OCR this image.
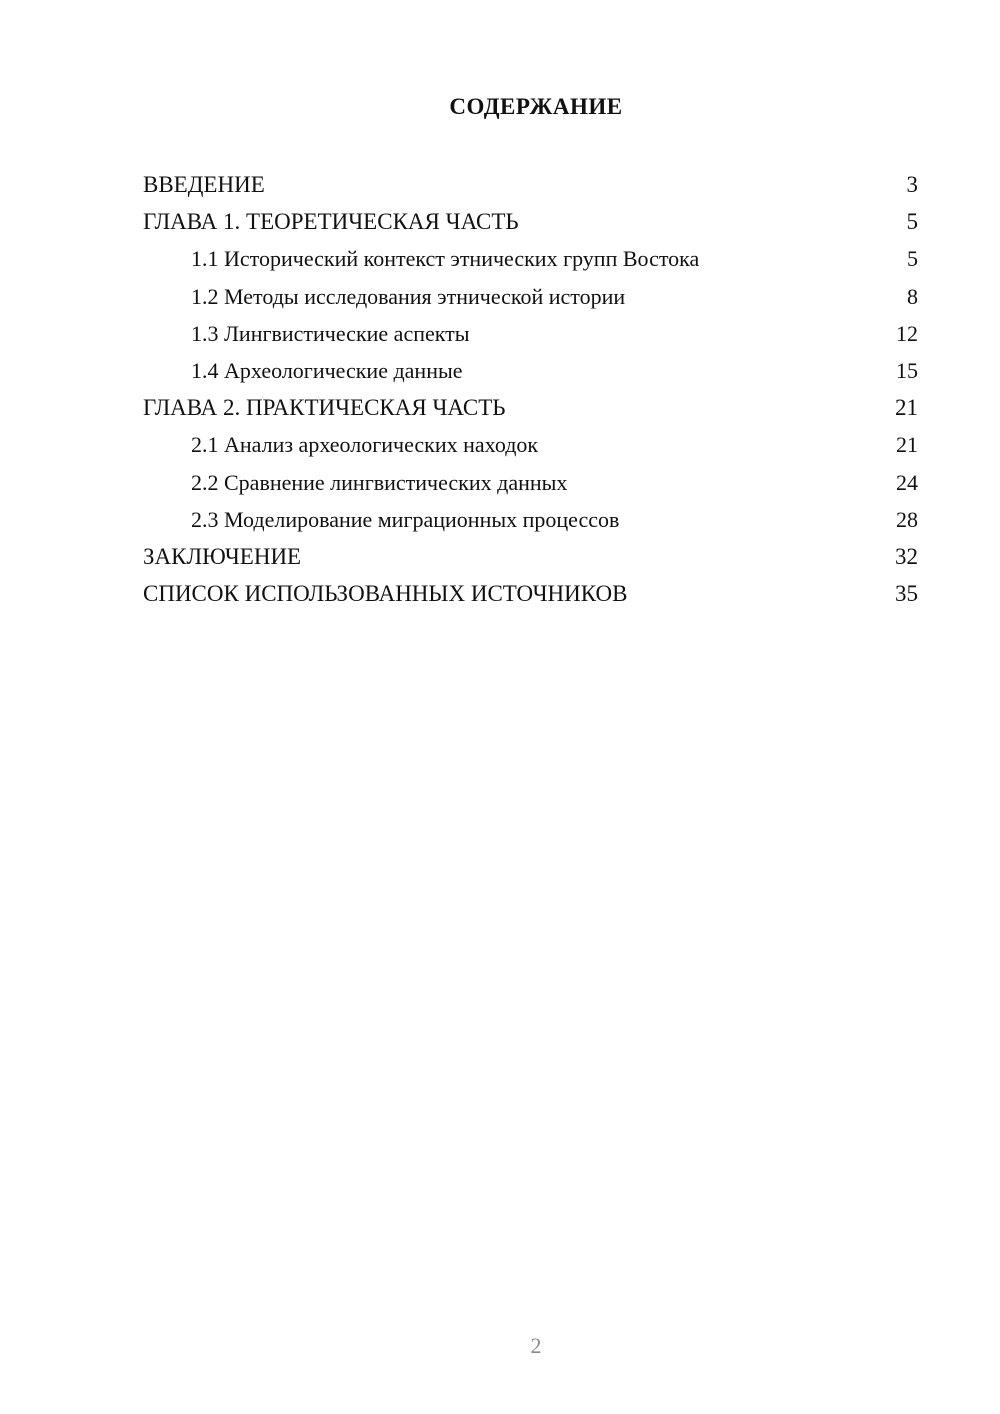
СОДЕРЖАНИЕ
ВВЕДЕНИЕ	3
ГЛАВА 1. ТЕОРЕТИЧЕСКАЯ ЧАСТЬ	5
1.1 Исторический контекст этнических групп Востока	5
1.2 Методы исследования этнической истории	8
1.3 Лингвистические аспекты	12
1.4 Археологические данные	15
ГЛАВА 2. ПРАКТИЧЕСКАЯ ЧАСТЬ	21
2.1 Анализ археологических находок	21
2.2 Сравнение лингвистических данных	24
2.3 Моделирование миграционных процессов	28
ЗАКЛЮЧЕНИЕ	32
СПИСОК ИСПОЛЬЗОВАННЫХ ИСТОЧНИКОВ	35
2
